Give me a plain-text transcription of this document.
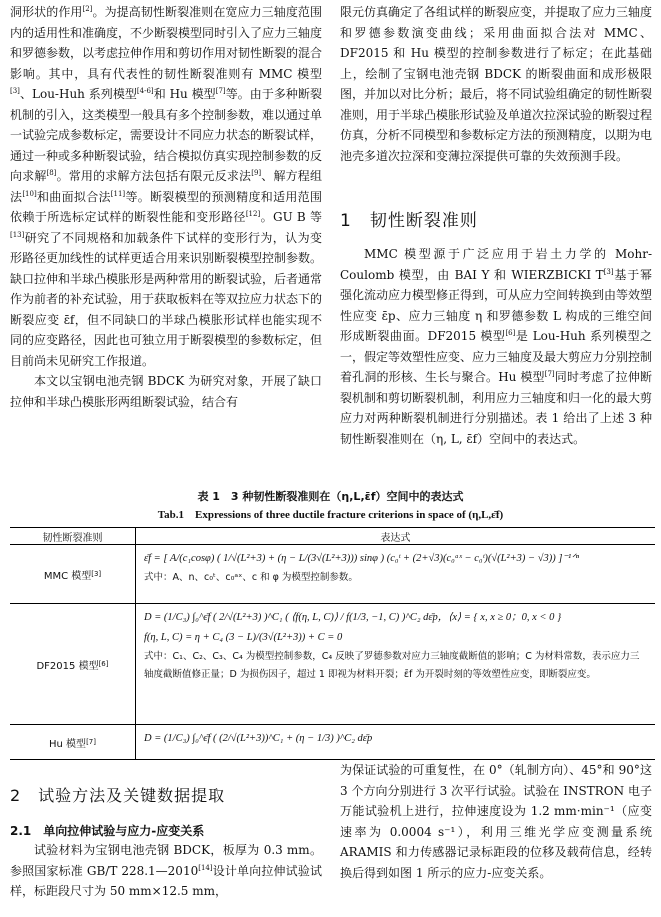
洞形状的作用[2]。为提高韧性断裂准则在宽应力三轴度范围内的适用性和准确度，不少断裂模型同时引入了应力三轴度和罗德参数，以考虑拉伸作用和剪切作用对韧性断裂的混合影响。其中，具有代表性的韧性断裂准则有 MMC 模型[3]、Lou-Huh 系列模型[4-6]和 Hu 模型[7]等。由于多种断裂机制的引入，这类模型一般具有多个控制参数，难以通过单一试验完成参数标定，需要设计不同应力状态的断裂试样，通过一种或多种断裂试验，结合模拟仿真实现控制参数的反向求解[8]。常用的求解方法包括有限元反求法[9]、解方程组法[10]和曲面拟合法[11]等。断裂模型的预测精度和适用范围依赖于所选标定试样的断裂性能和变形路径[12]。GU B 等[13]研究了不同规格和加载条件下试样的变形行为，认为变形路径更加线性的试样更适合用来识别断裂模型控制参数。缺口拉伸和半球凸模胀形是两种常用的断裂试验，后者通常作为前者的补充试验，用于获取板料在等双拉应力状态下的断裂应变 ε̄f，但不同缺口的半球凸模胀形试样也能实现不同的应变路径，因此也可独立用于断裂模型的参数标定，但目前尚未见研究工作报道。

本文以宝钢电池壳钢 BDCK 为研究对象，开展了缺口拉伸和半球凸模胀形两组断裂试验，结合有

限元仿真确定了各组试样的断裂应变，并提取了应力三轴度和罗德参数演变曲线；采用曲面拟合法对 MMC、DF2015 和 Hu 模型的控制参数进行了标定；在此基础上，绘制了宝钢电池壳钢 BDCK 的断裂曲面和成形极限图，并加以对比分析；最后，将不同试验组确定的韧性断裂准则，用于半球凸模胀形试验及单道次拉深试验的断裂过程仿真，分析不同模型和参数标定方法的预测精度，以期为电池壳多道次拉深和变薄拉深提供可靠的失效预测手段。

1　韧性断裂准则

MMC 模型源于广泛应用于岩土力学的 Mohr-Coulomb 模型，由 BAI Y 和 WIERZBICKI T[3]基于幂强化流动应力模型修正得到，可从应力空间转换到由等效塑性应变 ε̄p、应力三轴度 η 和罗德参数 L 构成的三维空间形成断裂曲面。DF2015 模型[6]是 Lou-Huh 系列模型之一，假定等效塑性应变、应力三轴度及最大剪应力分别控制着孔洞的形核、生长与聚合。Hu 模型[7]同时考虑了拉伸断裂机制和剪切断裂机制，利用应力三轴度和归一化的最大剪应力对两种断裂机制进行分别描述。表 1 给出了上述 3 种韧性断裂准则在（η, L, ε̄f）空间中的表达式。

表 1　3 种韧性断裂准则在（η,L,ε̄f）空间中的表达式
Tab.1　Expressions of three ductile fracture criterions in space of (η,L,ε̄f)
韧性断裂准则	表达式
MMC 模型 [3]
ε̄f = [ A/(c₁cosφ) ( 1/√(L²+3) + (η − L/(3√(L²+3))) sinφ ) (c₀ᵗ + (2+√3)(c₀ᵃˣ − c₀ᵗ)(√(L²+3) − √3)) ]⁻¹ᐟⁿ
式中：A、n、c₀ᵗ、c₀ᵃˣ、c 和 φ 为模型控制参数。
DF2015 模型 [6]
D = (1/C₃) ∫₀^ε̄f ( 2/√(L²+3) )^C₁ ( ⟨f(η, L, C)⟩ / f(1/3, −1, C) )^C₂ dε̄p，⟨x⟩ = { x, x ≥ 0；0, x < 0 }
f(η, L, C) = η + C₄ (3 − L)/(3√(L²+3)) + C = 0
式中：C₁、C₂、C₃、C₄ 为模型控制参数，C₄ 反映了罗德参数对应力三轴度截断值的影响；C 为材料常数，表示应力三轴度截断值修正量；D 为损伤因子，超过 1 即视为材料开裂；ε̄f 为开裂时刻的等效塑性应变，即断裂应变。
Hu 模型 [7]	D = (1/C₃) ∫₀^ε̄f ( (2/√(L²+3))^C₁ + (η − 1/3) )^C₂ dε̄p
2　试验方法及关键数据提取
2.1　单向拉伸试验与应力-应变关系

试验材料为宝钢电池壳钢 BDCK，板厚为 0.3 mm。参照国家标准 GB/T 228.1—2010[14]设计单向拉伸试验试样，标距段尺寸为 50 mm×12.5 mm，

为保证试验的可重复性，在 0°（轧制方向）、45°和 90°这 3 个方向分别进行 3 次平行试验。试验在 INSTRON 电子万能试验机上进行，拉伸速度设为 1.2 mm·min⁻¹（应变速率为 0.0004 s⁻¹），利用三维光学应变测量系统 ARAMIS 和力传感器记录标距段的位移及载荷信息，经转换后得到如图 1 所示的应力-应变关系。
